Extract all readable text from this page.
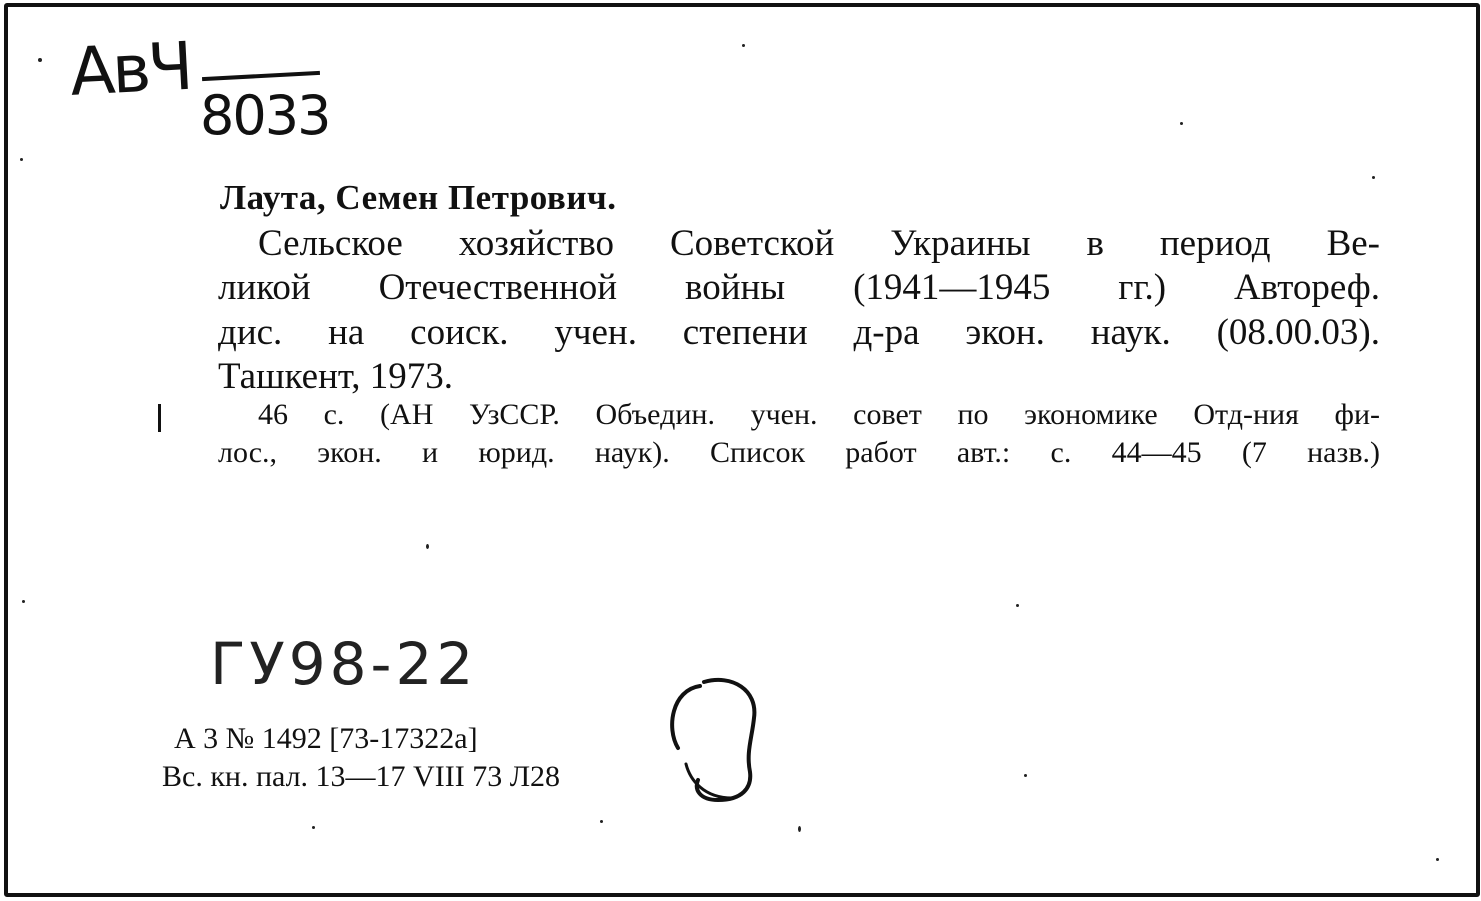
АвЧ
8033
Лаута, Семен Петрович.
Сельское хозяйство Советской Украины в период Ве-
ликой Отечественной войны (1941—1945 гг.) Автореф.
дис. на соиск. учен. степени д-ра экон. наук. (08.00.03).
Ташкент, 1973.
46 с. (АН УзССР. Объедин. учен. совет по экономике Отд-ния фи-
лос., экон. и юрид. наук). Список работ авт.: с. 44—45 (7 назв.)
ГУ98-22
А 3 № 1492 [73-17322а]
Вс. кн. пал. 13—17 VIII 73 Л28
